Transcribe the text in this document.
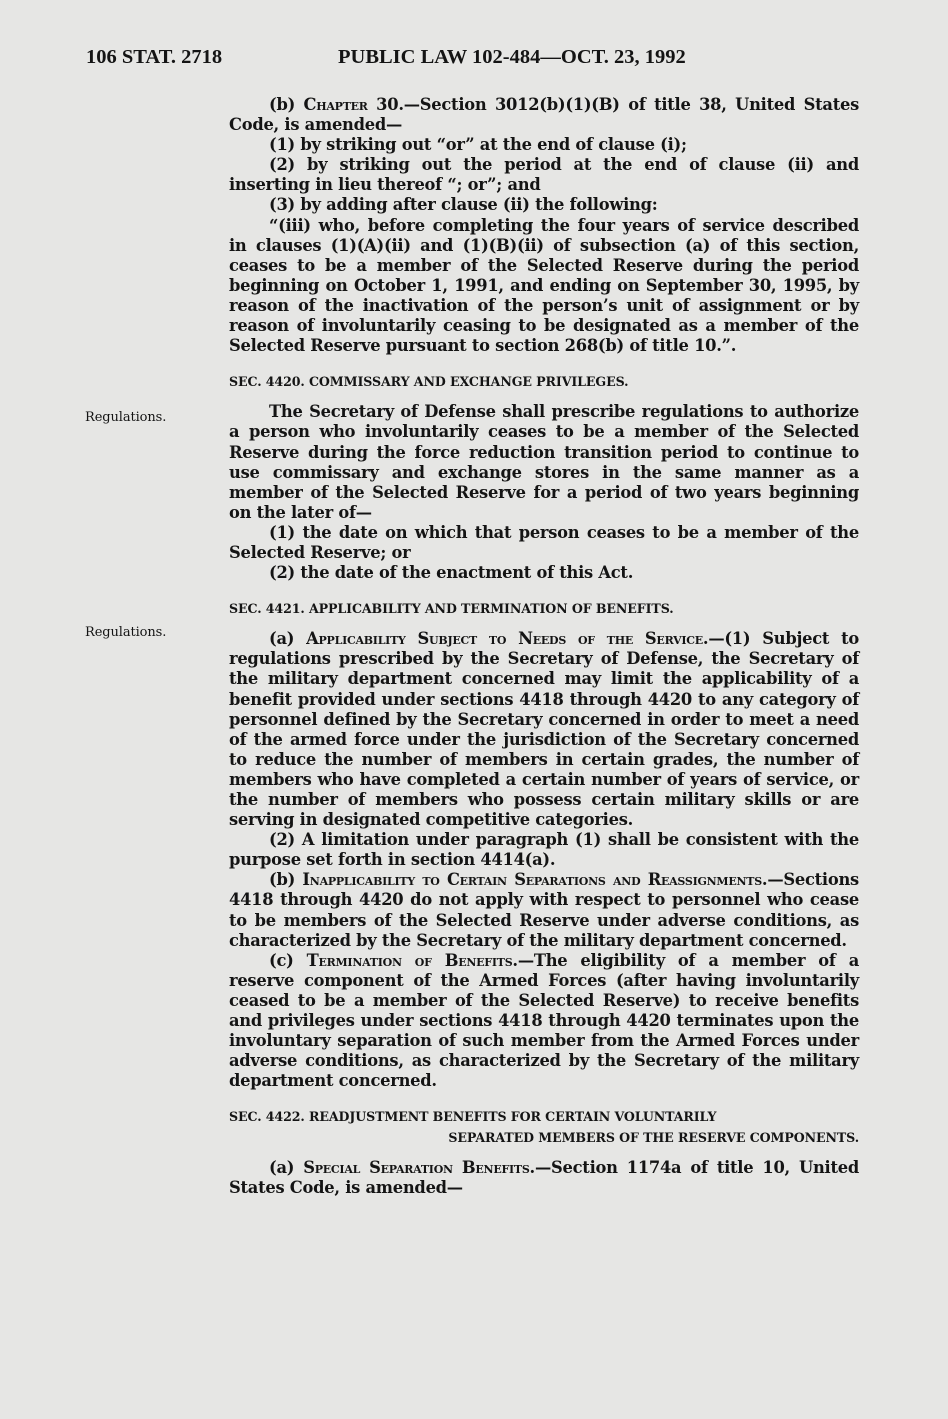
106 STAT. 2718	PUBLIC LAW 102-484—OCT. 23, 1992
Regulations.
Regulations.

(b) Chapter 30.—Section 3012(b)(1)(B) of title 38, United States Code, is amended—

(1) by striking out “or” at the end of clause (i);

(2) by striking out the period at the end of clause (ii) and inserting in lieu thereof “; or”; and

(3) by adding after clause (ii) the following:

“(iii) who, before completing the four years of service described in clauses (1)(A)(ii) and (1)(B)(ii) of subsection (a) of this section, ceases to be a member of the Selected Reserve during the period beginning on October 1, 1991, and ending on September 30, 1995, by reason of the inactivation of the person’s unit of assignment or by reason of involuntarily ceasing to be designated as a member of the Selected Reserve pursuant to section 268(b) of title 10.”.

SEC. 4420. COMMISSARY AND EXCHANGE PRIVILEGES.

The Secretary of Defense shall prescribe regulations to authorize a person who involuntarily ceases to be a member of the Selected Reserve during the force reduction transition period to continue to use commissary and exchange stores in the same manner as a member of the Selected Reserve for a period of two years beginning on the later of—

(1) the date on which that person ceases to be a member of the Selected Reserve; or

(2) the date of the enactment of this Act.

SEC. 4421. APPLICABILITY AND TERMINATION OF BENEFITS.

(a) Applicability Subject to Needs of the Service.—(1) Subject to regulations prescribed by the Secretary of Defense, the Secretary of the military department concerned may limit the applicability of a benefit provided under sections 4418 through 4420 to any category of personnel defined by the Secretary concerned in order to meet a need of the armed force under the jurisdiction of the Secretary concerned to reduce the number of members in certain grades, the number of members who have completed a certain number of years of service, or the number of members who possess certain military skills or are serving in designated competitive categories.

(2) A limitation under paragraph (1) shall be consistent with the purpose set forth in section 4414(a).

(b) Inapplicability to Certain Separations and Reassignments.—Sections 4418 through 4420 do not apply with respect to personnel who cease to be members of the Selected Reserve under adverse conditions, as characterized by the Secretary of the military department concerned.

(c) Termination of Benefits.—The eligibility of a member of a reserve component of the Armed Forces (after having involuntarily ceased to be a member of the Selected Reserve) to receive benefits and privileges under sections 4418 through 4420 terminates upon the involuntary separation of such member from the Armed Forces under adverse conditions, as characterized by the Secretary of the military department concerned.

SEC. 4422. READJUSTMENT BENEFITS FOR CERTAIN VOLUNTARILY
SEPARATED MEMBERS OF THE RESERVE COMPONENTS.

(a) Special Separation Benefits.—Section 1174a of title 10, United States Code, is amended—
